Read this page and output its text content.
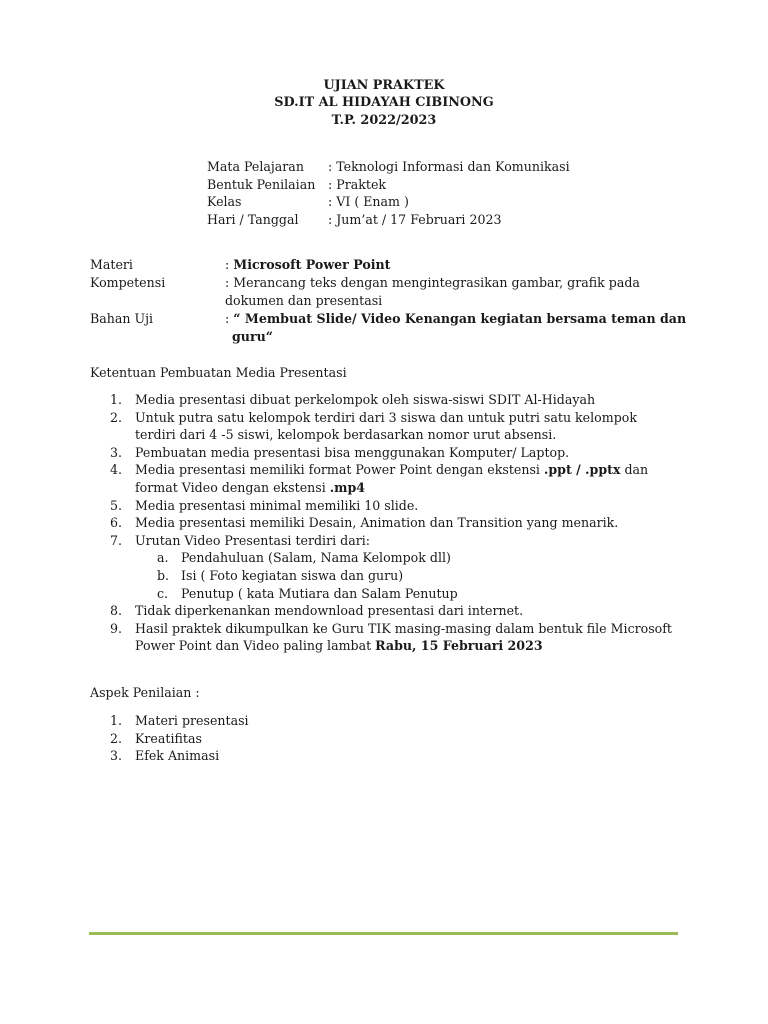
UJIAN PRAKTEK
SD.IT AL HIDAYAH CIBINONG
T.P. 2022/2023
Mata Pelajaran : Teknologi Informasi dan Komunikasi
Bentuk Penilaian : Praktek
Kelas	: VI ( Enam )
Hari / Tanggal : Jum’at / 17 Februari 2023
Materi	: Microsoft Power Point
Kompetensi	: Merancang teks dengan mengintegrasikan gambar, grafik pada
dokumen dan presentasi
Bahan Uji	: “ Membuat Slide/ Video Kenangan kegiatan bersama teman dan
guru“
Ketentuan Pembuatan Media Presentasi
1. Media presentasi dibuat perkelompok oleh siswa-siswi SDIT Al-Hidayah
2. Untuk putra satu kelompok terdiri dari 3 siswa dan untuk putri satu kelompok
terdiri dari 4 -5 siswi, kelompok berdasarkan nomor urut absensi.
3. Pembuatan media presentasi bisa menggunakan Komputer/ Laptop.
4. Media presentasi memiliki format Power Point dengan ekstensi .ppt / .pptx dan
format Video dengan ekstensi .mp4
5. Media presentasi minimal memiliki 10 slide.
6. Media presentasi memiliki Desain, Animation dan Transition yang menarik.
7. Urutan Video Presentasi terdiri dari:
a. Pendahuluan (Salam, Nama Kelompok dll)
b. Isi ( Foto kegiatan siswa dan guru)
c. Penutup ( kata Mutiara dan Salam Penutup
8. Tidak diperkenankan mendownload presentasi dari internet.
9. Hasil praktek dikumpulkan ke Guru TIK masing-masing dalam bentuk file Microsoft
Power Point dan Video paling lambat Rabu, 15 Februari 2023
Aspek Penilaian :
1. Materi presentasi
2. Kreatifitas
3. Efek Animasi
